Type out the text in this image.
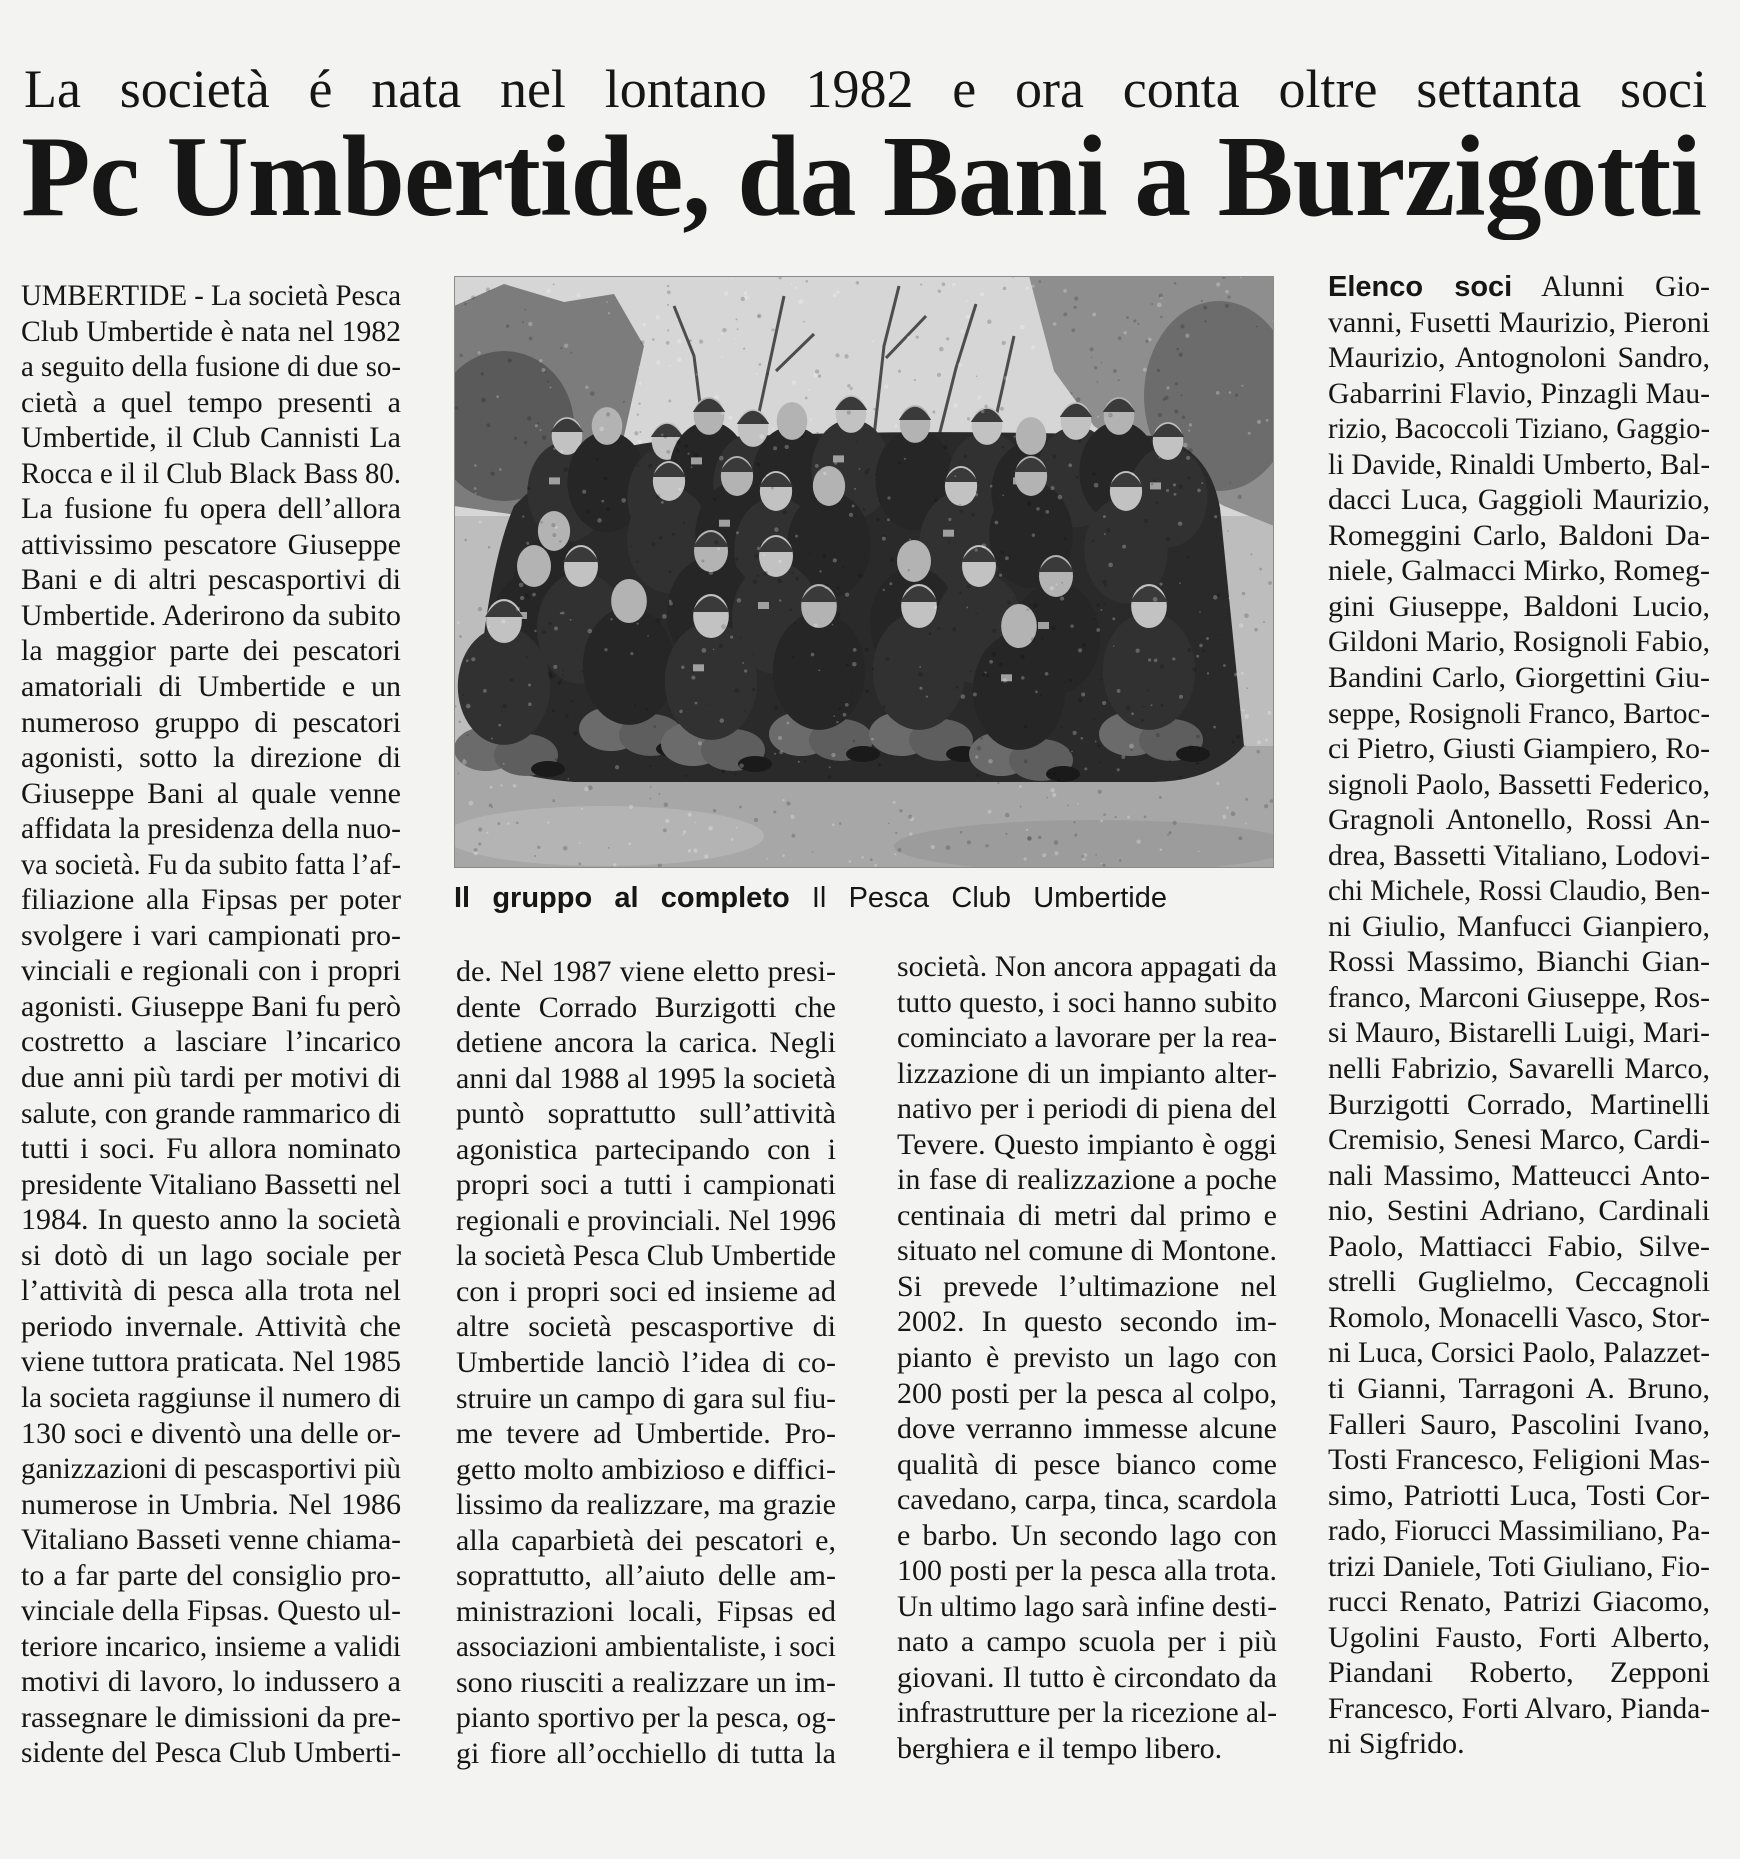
La società é nata nel lontano 1982 e ora conta oltre settanta soci
Pc Umbertide, da Bani a Burzigotti
UMBERTIDE - La società Pesca
Club Umbertide è nata nel 1982
a seguito della fusione di due so-
cietà a quel tempo presenti a
Umbertide, il Club Cannisti La
Rocca e il il Club Black Bass 80.
La fusione fu opera dell’allora
attivissimo pescatore Giuseppe
Bani e di altri pescasportivi di
Umbertide. Aderirono da subito
la maggior parte dei pescatori
amatoriali di Umbertide e un
numeroso gruppo di pescatori
agonisti, sotto la direzione di
Giuseppe Bani al quale venne
affidata la presidenza della nuo-
va società. Fu da subito fatta l’af-
filiazione alla Fipsas per poter
svolgere i vari campionati pro-
vinciali e regionali con i propri
agonisti. Giuseppe Bani fu però
costretto a lasciare l’incarico
due anni più tardi per motivi di
salute, con grande rammarico di
tutti i soci. Fu allora nominato
presidente Vitaliano Bassetti nel
1984. In questo anno la società
si dotò di un lago sociale per
l’attività di pesca alla trota nel
periodo invernale. Attività che
viene tuttora praticata. Nel 1985
la societa raggiunse il numero di
130 soci e diventò una delle or-
ganizzazioni di pescasportivi più
numerose in Umbria. Nel 1986
Vitaliano Basseti venne chiama-
to a far parte del consiglio pro-
vinciale della Fipsas. Questo ul-
teriore incarico, insieme a validi
motivi di lavoro, lo indussero a
rassegnare le dimissioni da pre-
sidente del Pesca Club Umberti-
Il gruppo al completo Il Pesca Club Umbertide
de. Nel 1987 viene eletto presi-
dente Corrado Burzigotti che
detiene ancora la carica. Negli
anni dal 1988 al 1995 la società
puntò soprattutto sull’attività
agonistica partecipando con i
propri soci a tutti i campionati
regionali e provinciali. Nel 1996
la società Pesca Club Umbertide
con i propri soci ed insieme ad
altre società pescasportive di
Umbertide lanciò l’idea di co-
struire un campo di gara sul fiu-
me tevere ad Umbertide. Pro-
getto molto ambizioso e diffici-
lissimo da realizzare, ma grazie
alla caparbietà dei pescatori e,
soprattutto, all’aiuto delle am-
ministrazioni locali, Fipsas ed
associazioni ambientaliste, i soci
sono riusciti a realizzare un im-
pianto sportivo per la pesca, og-
gi fiore all’occhiello di tutta la
società. Non ancora appagati da
tutto questo, i soci hanno subito
cominciato a lavorare per la rea-
lizzazione di un impianto alter-
nativo per i periodi di piena del
Tevere. Questo impianto è oggi
in fase di realizzazione a poche
centinaia di metri dal primo e
situato nel comune di Montone.
Si prevede l’ultimazione nel
2002. In questo secondo im-
pianto è previsto un lago con
200 posti per la pesca al colpo,
dove verranno immesse alcune
qualità di pesce bianco come
cavedano, carpa, tinca, scardola
e barbo. Un secondo lago con
100 posti per la pesca alla trota.
Un ultimo lago sarà infine desti-
nato a campo scuola per i più
giovani. Il tutto è circondato da
infrastrutture per la ricezione al-
berghiera e il tempo libero.
Elenco soci Alunni Gio-
vanni, Fusetti Maurizio, Pieroni
Maurizio, Antognoloni Sandro,
Gabarrini Flavio, Pinzagli Mau-
rizio, Bacoccoli Tiziano, Gaggio-
li Davide, Rinaldi Umberto, Bal-
dacci Luca, Gaggioli Maurizio,
Romeggini Carlo, Baldoni Da-
niele, Galmacci Mirko, Romeg-
gini Giuseppe, Baldoni Lucio,
Gildoni Mario, Rosignoli Fabio,
Bandini Carlo, Giorgettini Giu-
seppe, Rosignoli Franco, Bartoc-
ci Pietro, Giusti Giampiero, Ro-
signoli Paolo, Bassetti Federico,
Gragnoli Antonello, Rossi An-
drea, Bassetti Vitaliano, Lodovi-
chi Michele, Rossi Claudio, Ben-
ni Giulio, Manfucci Gianpiero,
Rossi Massimo, Bianchi Gian-
franco, Marconi Giuseppe, Ros-
si Mauro, Bistarelli Luigi, Mari-
nelli Fabrizio, Savarelli Marco,
Burzigotti Corrado, Martinelli
Cremisio, Senesi Marco, Cardi-
nali Massimo, Matteucci Anto-
nio, Sestini Adriano, Cardinali
Paolo, Mattiacci Fabio, Silve-
strelli Guglielmo, Ceccagnoli
Romolo, Monacelli Vasco, Stor-
ni Luca, Corsici Paolo, Palazzet-
ti Gianni, Tarragoni A. Bruno,
Falleri Sauro, Pascolini Ivano,
Tosti Francesco, Feligioni Mas-
simo, Patriotti Luca, Tosti Cor-
rado, Fiorucci Massimiliano, Pa-
trizi Daniele, Toti Giuliano, Fio-
rucci Renato, Patrizi Giacomo,
Ugolini Fausto, Forti Alberto,
Piandani Roberto, Zepponi
Francesco, Forti Alvaro, Pianda-
ni Sigfrido.
